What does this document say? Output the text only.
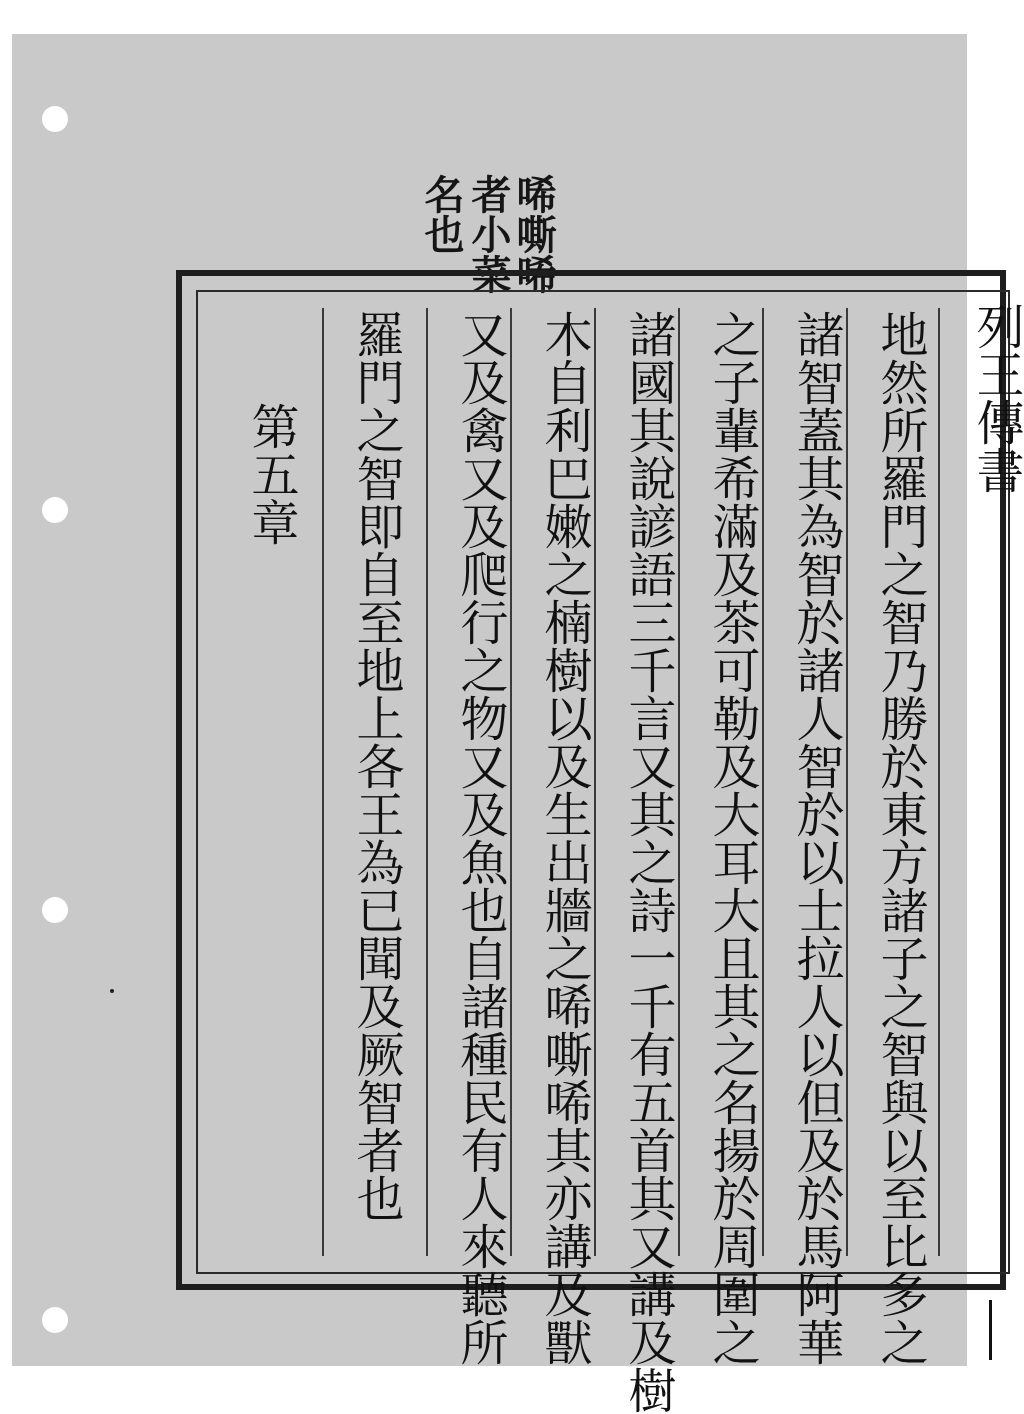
唏嘶唏
者小菜
名也
列王傳書
地然所羅門之智乃勝於東方諸子之智與以至比多之
諸智蓋其為智於諸人智於以士拉人以但及於馬阿華
之子輩希滿及茶可勒及大耳大且其之名揚於周圍之
諸國其說諺語三千言又其之詩一千有五首其又講及樹
木自利巴嫩之楠樹以及生出牆之唏嘶唏其亦講及獸
又及禽又及爬行之物又及魚也自諸種民有人來聽所
羅門之智即自至地上各王為已聞及厥智者也
第五章
